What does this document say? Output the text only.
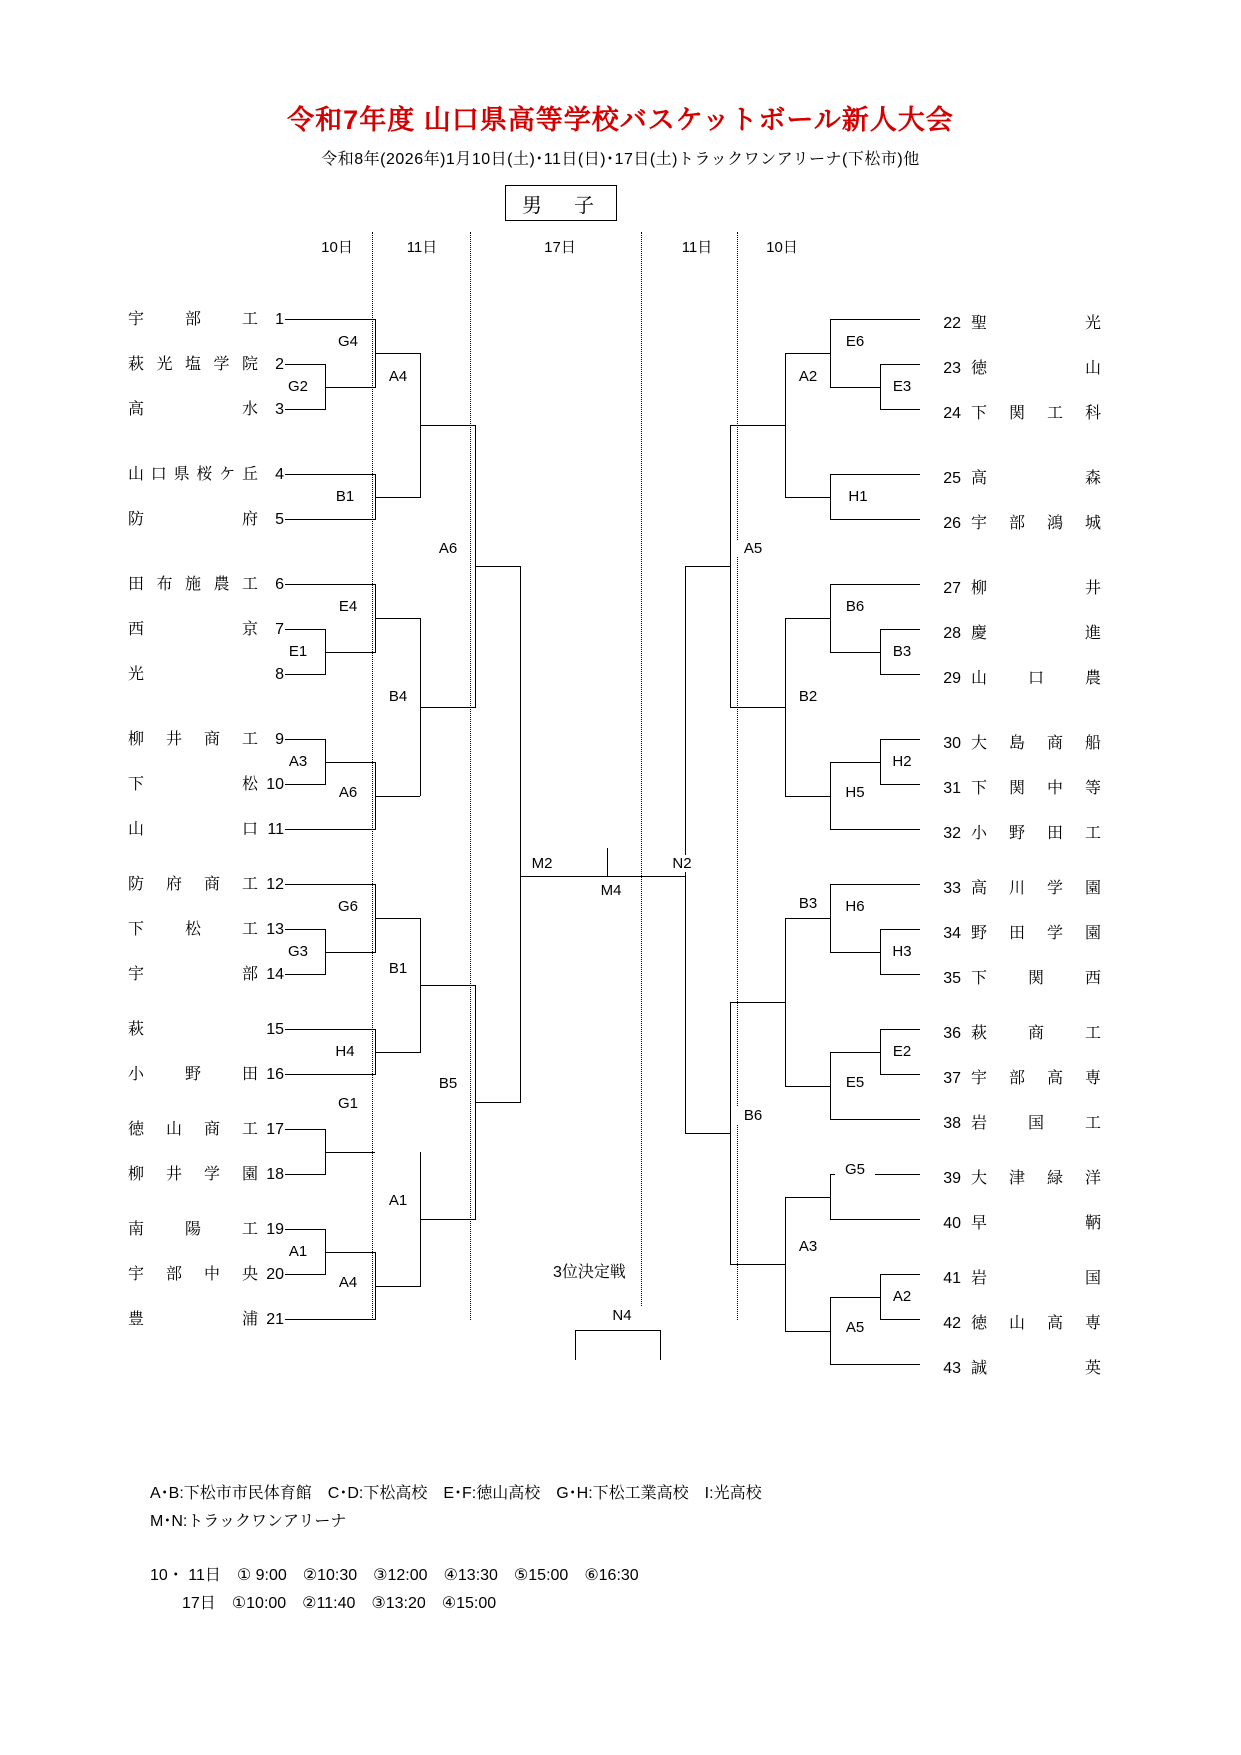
令和7年度 山口県高等学校バスケットボール新人大会
令和8年(2026年)1月10日(土)･11日(日)･17日(土)トラックワンアリーナ(下松市)他
男　子
10日	11日	17日	11日	10日
宇部工 1
萩光塩学院 2
高水 3
山口県桜ケ丘 4
防府 5
田布施農工 6
西京 7
光	8
柳井商工 9
下松 10
山口 11
防府商工 12
下松工 13
宇部 14
萩	15
小野田 16
徳山商工 17
柳井学園 18
南陽工 19
宇部中央 20
豊浦 21
22 聖光
23 徳山
24 下関工科
25 高森
26 宇部鴻城
27 柳井
28 慶進
29 山口農
30 大島商船
31 下関中等
32 小野田工
33 高川学園
34 野田学園
35 下関西
36 萩商工
37 宇部高専
38 岩国工
39 大津緑洋
40 早鞆
41 岩国
42 徳山高専
43 誠英
G2
G4
B1
A4
E1
E4
A3
A6
B4
A6
G3
G6
H4
B1
G1
A1
A4
A1
B5
M2
M4
E3
E6
H1
A2
B3
B6
H2
H5
B2
A5
H3
H6
E2
E5
B3
G5
A2
A5
A3
B6
N2
3位決定戦
N4
A･B:下松市市民体育館　C･D:下松高校　E･F:徳山高校　G･H:下松工業高校　I:光高校
M･N:トラックワンアリーナ
10・ 11日　① 9:00　②10:30　③12:00　④13:30　⑤15:00　⑥16:30
17日　①10:00　②11:40　③13:20　④15:00
